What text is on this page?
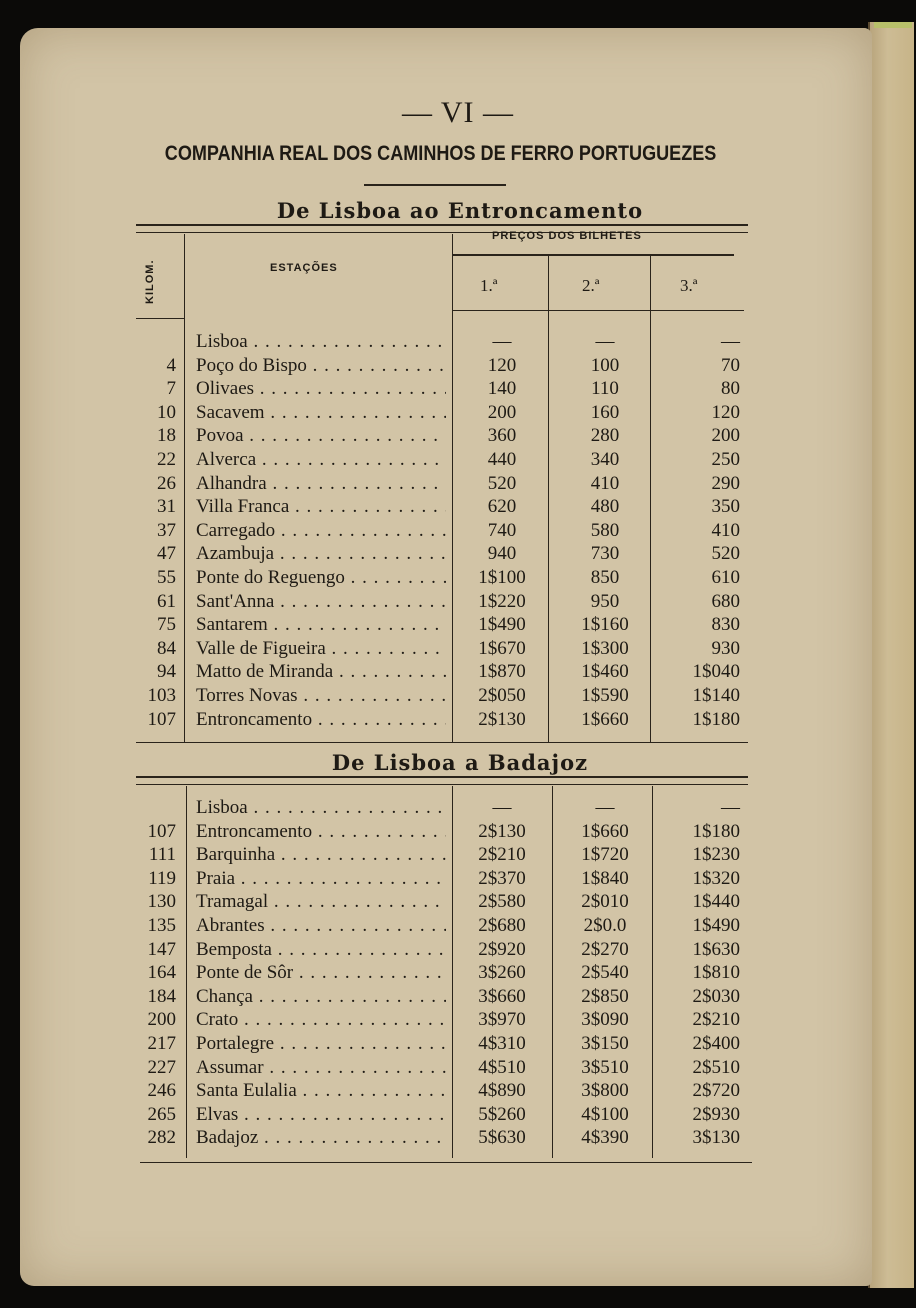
— VI —
COMPANHIA REAL DOS CAMINHOS DE FERRO PORTUGUEZES
De Lisboa ao Entroncamento
KILOM.	ESTAÇÕES
PREÇOS DOS BILHETES
1.ª	2.ª	3.ª
Lisboa . . .	—	—	—
4 Poço do Bispo . . .	120	100	70
7 Olivaes . . .	140	110	80
10 Sacavem . . .	200	160	120
18 Povoa . . .	360	280	200
22 Alverca . . .	440	340	250
26 Alhandra . . .	520	410	290
31 Villa Franca . . .	620	480	350
37 Carregado . . .	740	580	410
47 Azambuja . . .	940	730	520
55 Ponte do Reguengo . . .	1$100	850	610
61 Sant'Anna . . .	1$220	950	680
75 Santarem . . .	1$490	1$160	830
84 Valle de Figueira . . .	1$670	1$300	930
94 Matto de Miranda . . .	1$870	1$460	1$040
103 Torres Novas . . .	2$050	1$590	1$140
107 Entroncamento . . .	2$130	1$660	1$180
De Lisboa a Badajoz
Lisboa . . .	—	—	—
107 Entroncamento . . .	2$130	1$660	1$180
111 Barquinha . . .	2$210	1$720	1$230
119 Praia . . .	2$370	1$840	1$320
130 Tramagal . . .	2$580	2$010	1$440
135 Abrantes . . .	2$680	2$0.0	1$490
147 Bemposta . . .	2$920	2$270	1$630
164 Ponte de Sôr . . .	3$260	2$540	1$810
184 Chança . . .	3$660	2$850	2$030
200 Crato . . .	3$970	3$090	2$210
217 Portalegre . . .	4$310	3$150	2$400
227 Assumar . . .	4$510	3$510	2$510
246 Santa Eulalia . . .	4$890	3$800	2$720
265 Elvas . . .	5$260	4$100	2$930
282 Badajoz . . .	5$630	4$390	3$130
